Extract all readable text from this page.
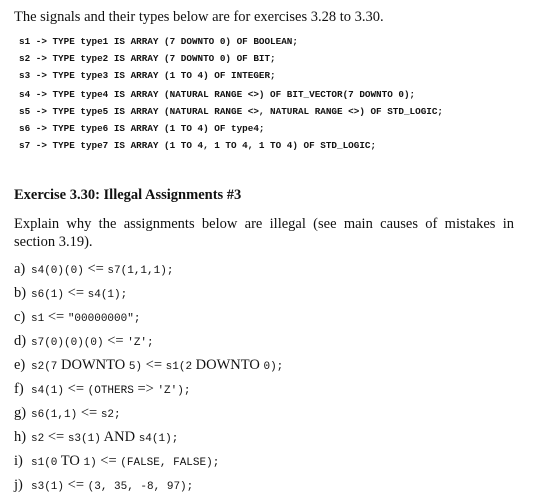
The signals and their types below are for exercises 3.28 to 3.30.
s1 -> TYPE type1 IS ARRAY (7 DOWNTO 0) OF BOOLEAN;
s2 -> TYPE type2 IS ARRAY (7 DOWNTO 0) OF BIT;
s3 -> TYPE type3 IS ARRAY (1 TO 4) OF INTEGER;
s4 -> TYPE type4 IS ARRAY (NATURAL RANGE <>) OF BIT_VECTOR(7 DOWNTO 0);
s5 -> TYPE type5 IS ARRAY (NATURAL RANGE <>, NATURAL RANGE <>) OF STD_LOGIC;
s6 -> TYPE type6 IS ARRAY (1 TO 4) OF type4;
s7 -> TYPE type7 IS ARRAY (1 TO 4, 1 TO 4, 1 TO 4) OF STD_LOGIC;
Exercise 3.30: Illegal Assignments #3
Explain why the assignments below are illegal (see main causes of mistakes in section 3.19).
a) s4(0)(0) <= s7(1,1,1);
b) s6(1) <= s4(1);
c) s1 <= "00000000";
d) s7(0)(0)(0) <= 'Z';
e) s2(7 DOWNTO 5) <= s1(2 DOWNTO 0);
f) s4(1) <= (OTHERS => 'Z');
g) s6(1,1) <= s2;
h) s2 <= s3(1) AND s4(1);
i) s1(0 TO 1) <= (FALSE, FALSE);
j) s3(1) <= (3, 35, -8, 97);
